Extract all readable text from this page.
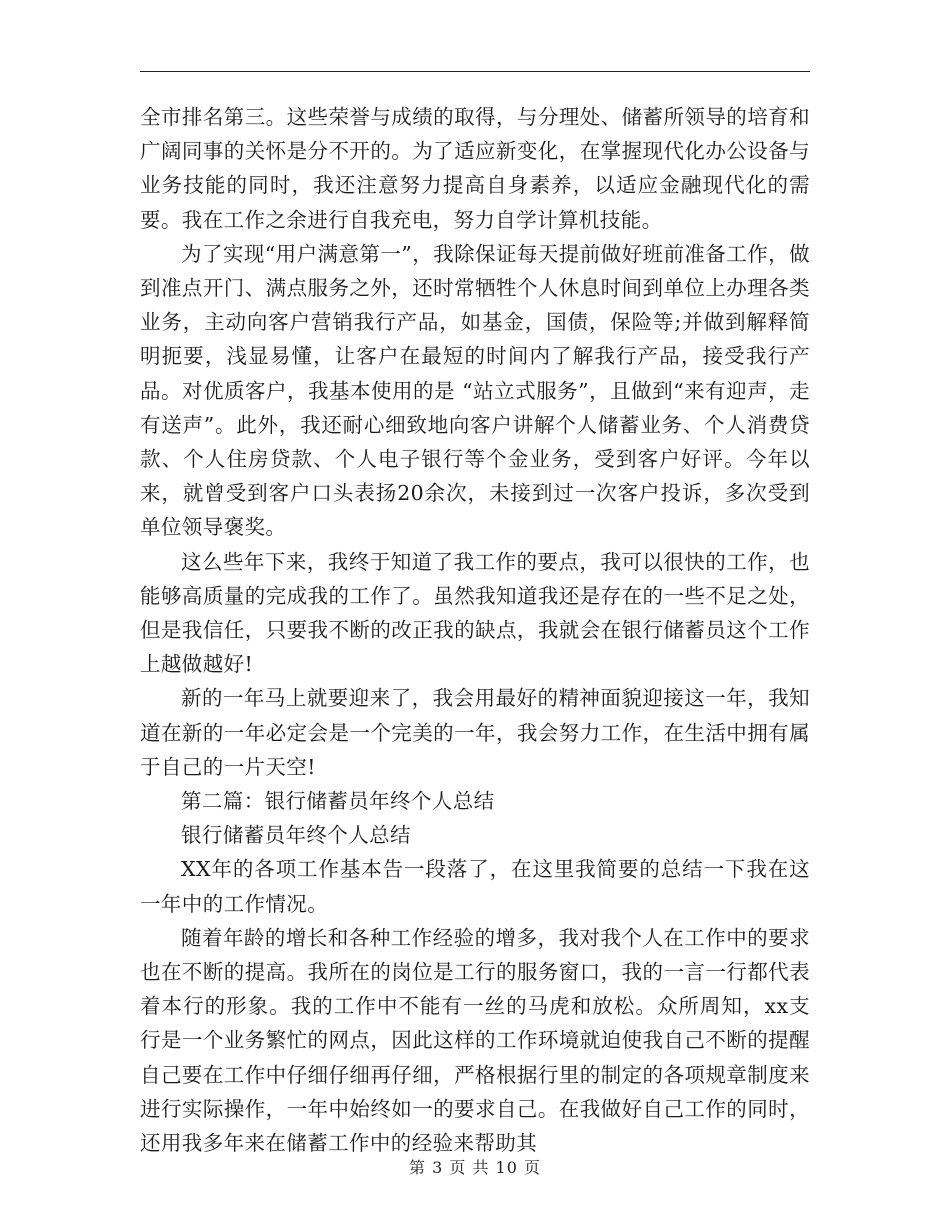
全市排名第三。这些荣誉与成绩的取得，与分理处、储蓄所领导的培育和广阔同事的关怀是分不开的。为了适应新变化，在掌握现代化办公设备与业务技能的同时，我还注意努力提高自身素养，以适应金融现代化的需要。我在工作之余进行自我充电，努力自学计算机技能。

为了实现“用户满意第一”，我除保证每天提前做好班前准备工作，做到准点开门、满点服务之外，还时常牺牲个人休息时间到单位上办理各类业务，主动向客户营销我行产品，如基金，国债，保险等;并做到解释简明扼要，浅显易懂，让客户在最短的时间内了解我行产品，接受我行产品。对优质客户，我基本使用的是 “站立式服务”，且做到“来有迎声，走有送声”。此外，我还耐心细致地向客户讲解个人储蓄业务、个人消费贷款、个人住房贷款、个人电子银行等个金业务，受到客户好评。今年以来，就曾受到客户口头表扬20余次，未接到过一次客户投诉，多次受到单位领导褒奖。

这么些年下来，我终于知道了我工作的要点，我可以很快的工作，也能够高质量的完成我的工作了。虽然我知道我还是存在的一些不足之处，但是我信任，只要我不断的改正我的缺点，我就会在银行储蓄员这个工作上越做越好!

新的一年马上就要迎来了，我会用最好的精神面貌迎接这一年，我知道在新的一年必定会是一个完美的一年，我会努力工作，在生活中拥有属于自己的一片天空!

第二篇：银行储蓄员年终个人总结

银行储蓄员年终个人总结

XX年的各项工作基本告一段落了，在这里我简要的总结一下我在这一年中的工作情况。

随着年龄的增长和各种工作经验的增多，我对我个人在工作中的要求也在不断的提高。我所在的岗位是工行的服务窗口，我的一言一行都代表着本行的形象。我的工作中不能有一丝的马虎和放松。众所周知，xx支行是一个业务繁忙的网点，因此这样的工作环境就迫使我自己不断的提醒自己要在工作中仔细仔细再仔细，严格根据行里的制定的各项规章制度来进行实际操作，一年中始终如一的要求自己。在我做好自己工作的同时，还用我多年来在储蓄工作中的经验来帮助其

第 3 页 共 10 页
